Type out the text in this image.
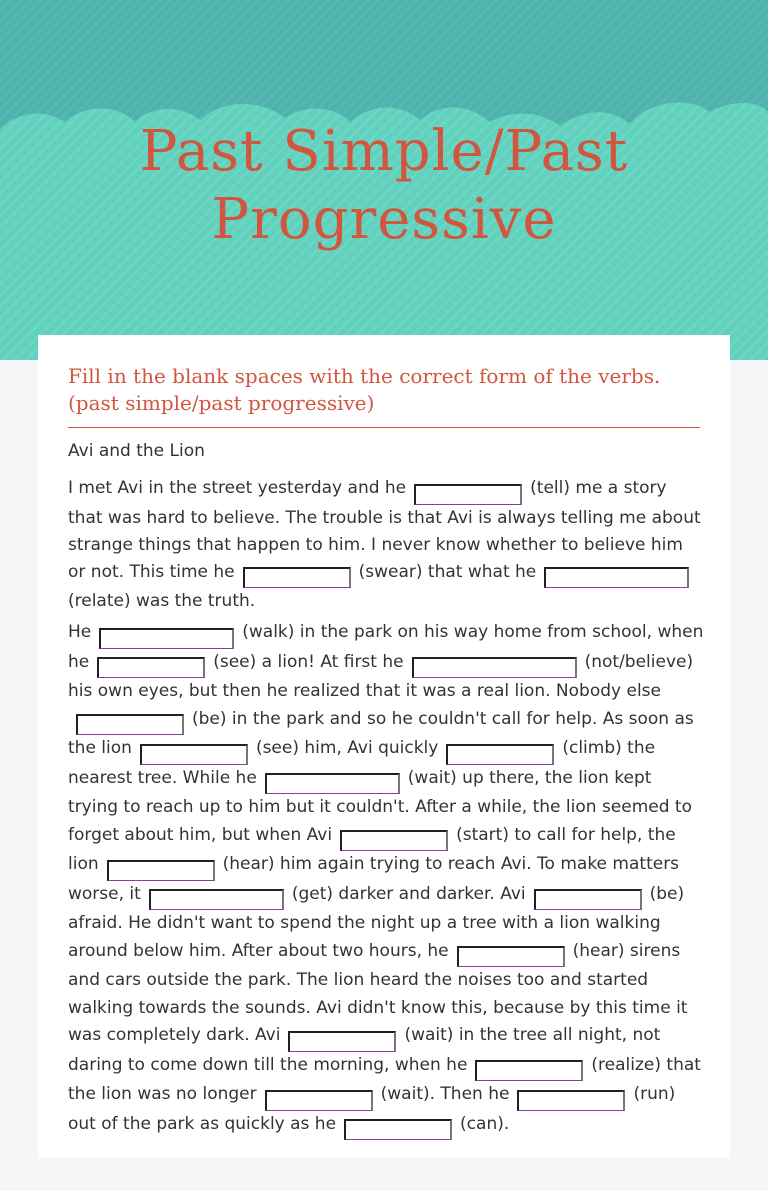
Past Simple/Past Progressive
Fill in the blank spaces with the correct form of the verbs. (past simple/past progressive)

Avi and the Lion

I met Avi in the street yesterday and he	(tell) me a story that was hard to believe. The trouble is that Avi is always telling me about strange things that happen to him. I never know whether to believe him or not. This time he	(swear) that what he(relate) was the truth.

He	(walk) in the park on his way home from school, when he	(see) a lion! At first he	(not/believe) his own eyes, but then he realized that it was a real lion. Nobody else(be) in the park and so he couldn't call for help. As soon as the lion	(see) him, Avi quickly	(climb) the nearest tree. While he	(wait) up there, the lion kept trying to reach up to him but it couldn't. After a while, the lion seemed to forget about him, but when Avi	(start) to call for help, the lion	(hear) him again trying to reach Avi. To make matters worse, it	(get) darker and darker. Avi	(be) afraid. He didn't want to spend the night up a tree with a lion walking around below him. After about two hours, he	(hear) sirens and cars outside the park. The lion heard the noises too and started walking towards the sounds. Avi didn't know this, because by this time it was completely dark. Avi	(wait) in the tree all night, not daring to come down till the morning, when he	(realize) that the lion was no longer	(wait). Then he	(run) out of the park as quickly as he	(can).
